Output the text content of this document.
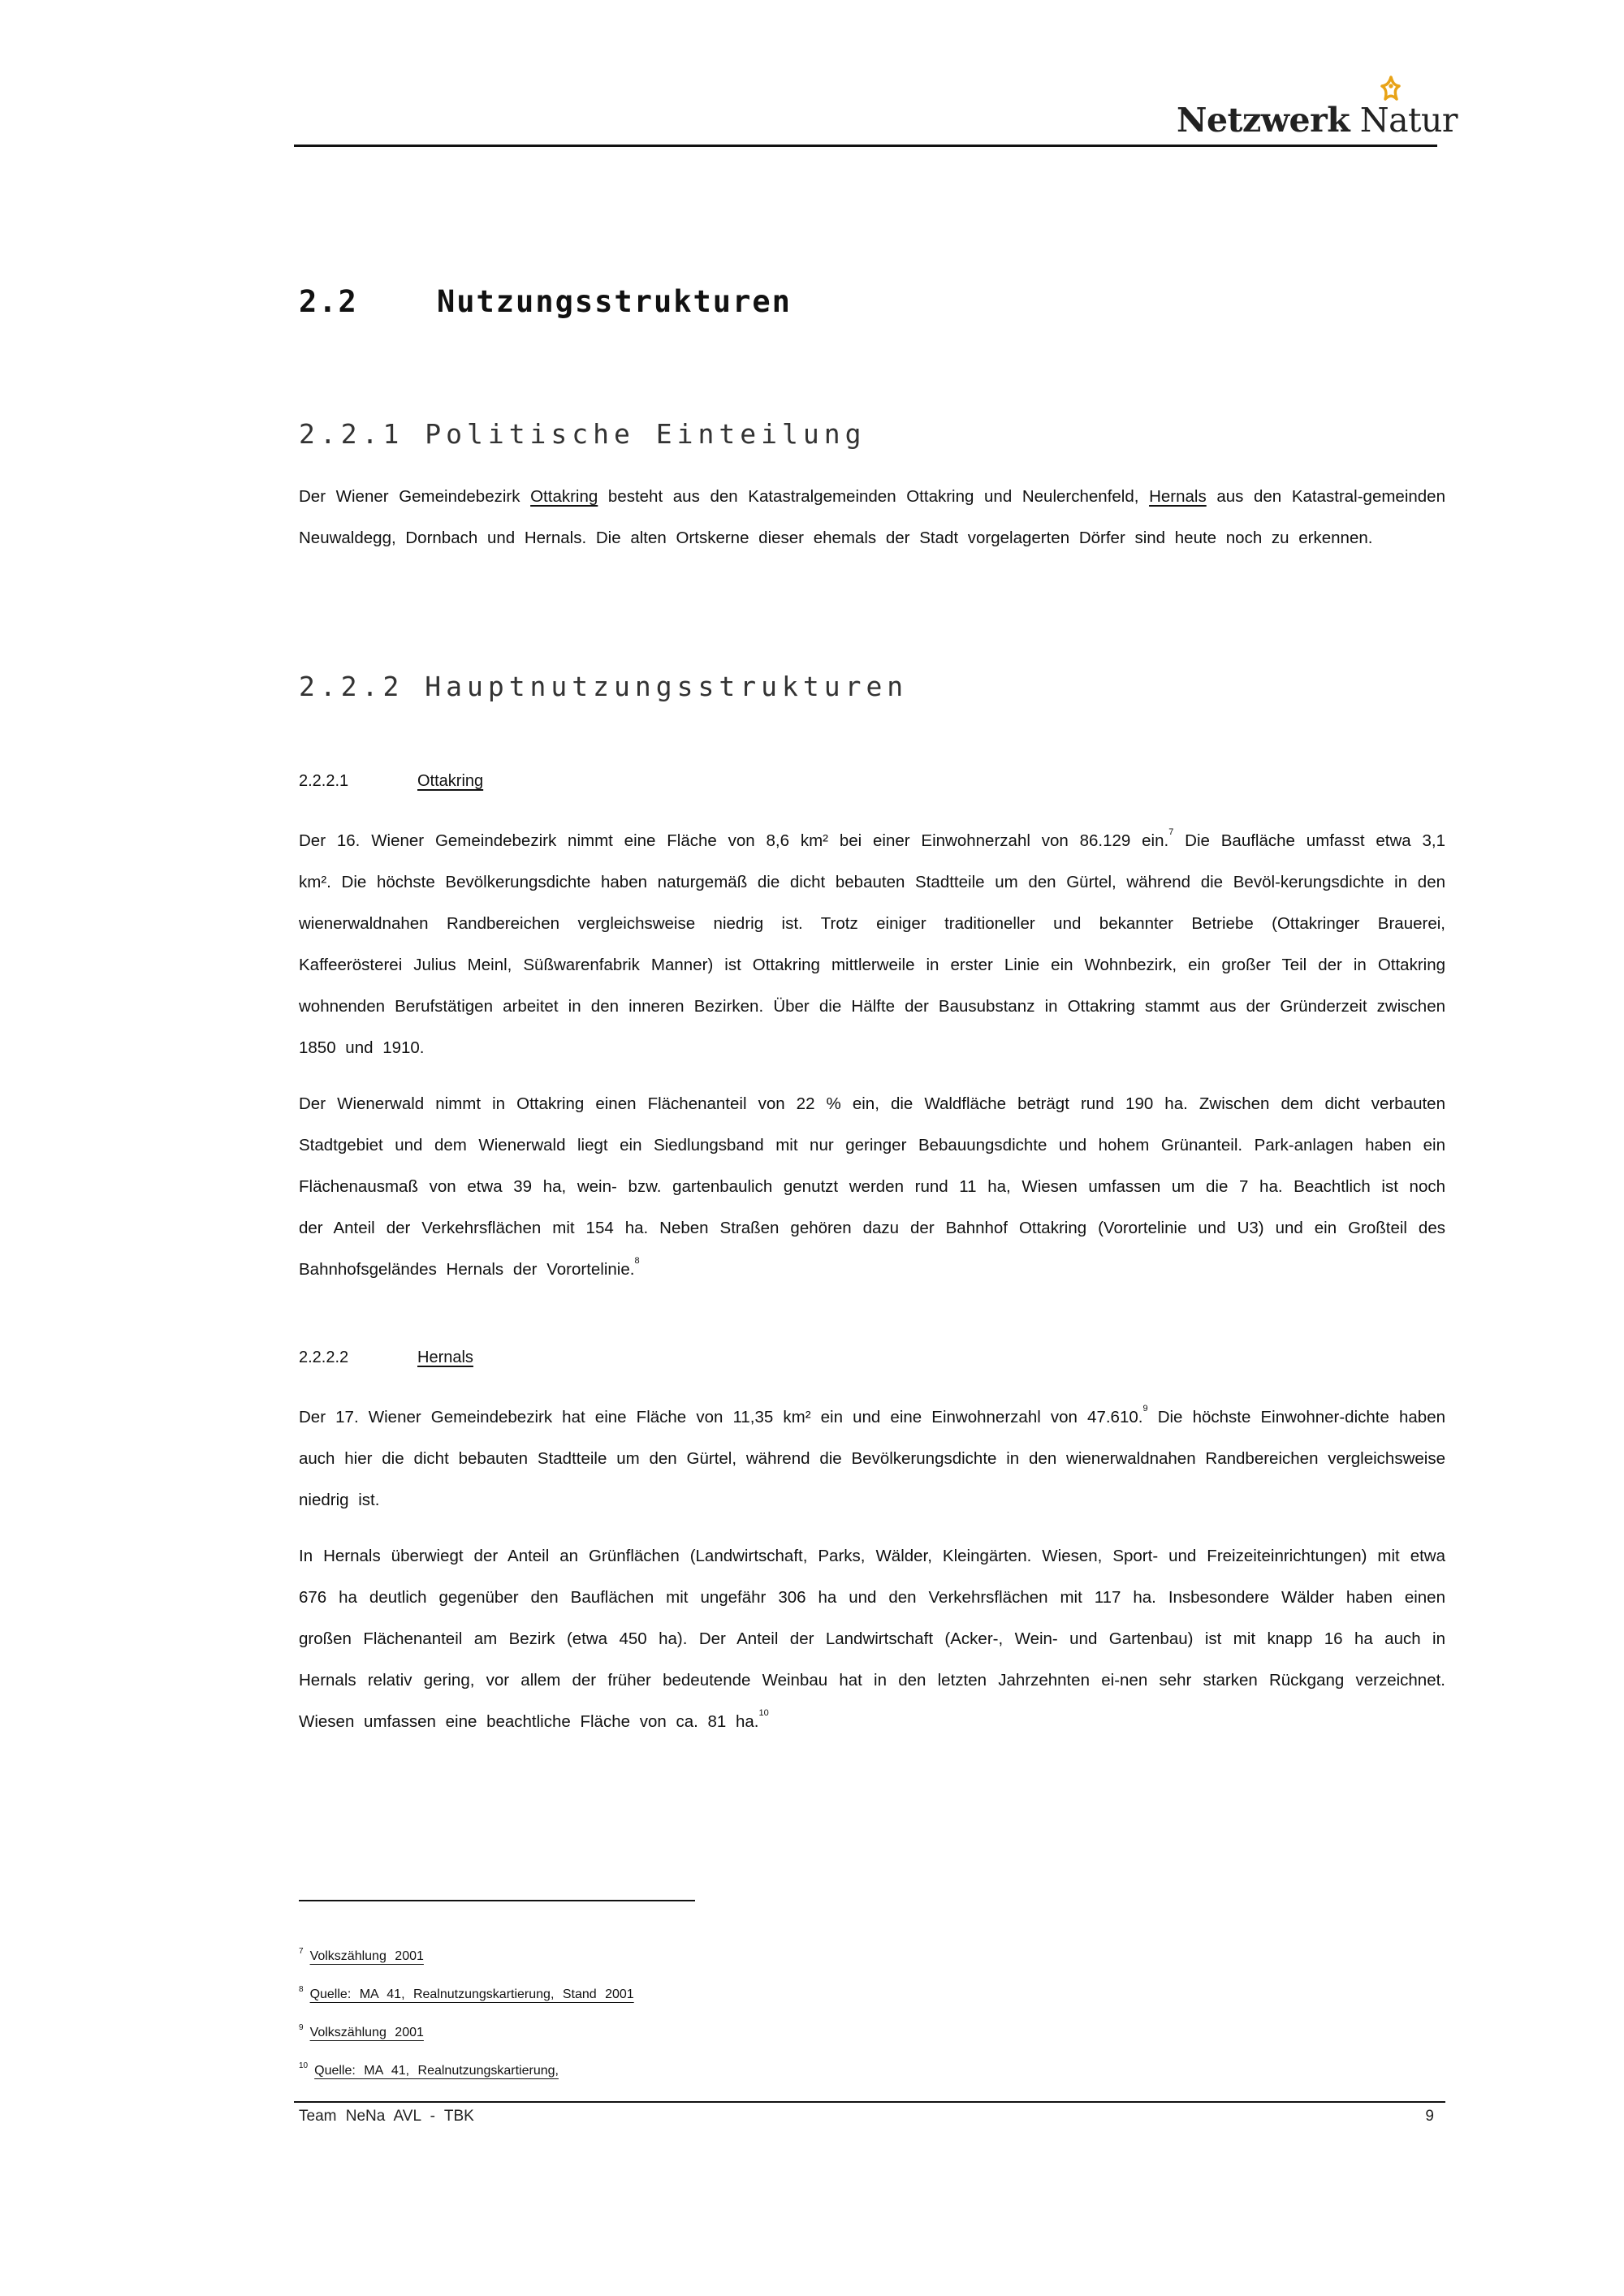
Netzwerk Natur
2.2	Nutzungsstrukturen
2.2.1 Politische Einteilung

Der Wiener Gemeindebezirk Ottakring besteht aus den Katastralgemeinden Ottakring und Neulerchenfeld, Hernals aus den Katastral-gemeinden Neuwaldegg, Dornbach und Hernals. Die alten Ortskerne dieser ehemals der Stadt vorgelagerten Dörfer sind heute noch zu erkennen.

2.2.2 Hauptnutzungsstrukturen
2.2.2.1	Ottakring

Der 16. Wiener Gemeindebezirk nimmt eine Fläche von 8,6 km² bei einer Einwohnerzahl von 86.129 ein.$^7$ Die Baufläche umfasst etwa 3,1 km². Die höchste Bevölkerungsdichte haben naturgemäß die dicht bebauten Stadtteile um den Gürtel, während die Bevöl-kerungsdichte in den wienerwaldnahen Randbereichen vergleichsweise niedrig ist. Trotz einiger traditioneller und bekannter Betriebe (Ottakringer Brauerei, Kaffeerösterei Julius Meinl, Süßwarenfabrik Manner) ist Ottakring mittlerweile in erster Linie ein Wohnbezirk, ein großer Teil der in Ottakring wohnenden Berufstätigen arbeitet in den inneren Bezirken. Über die Hälfte der Bausubstanz in Ottakring stammt aus der Gründerzeit zwischen 1850 und 1910.

Der Wienerwald nimmt in Ottakring einen Flächenanteil von 22 % ein, die Waldfläche beträgt rund 190 ha. Zwischen dem dicht verbauten Stadtgebiet und dem Wienerwald liegt ein Siedlungsband mit nur geringer Bebauungsdichte und hohem Grünanteil. Park-anlagen haben ein Flächenausmaß von etwa 39 ha, wein- bzw. gartenbaulich genutzt werden rund 11 ha, Wiesen umfassen um die 7 ha. Beachtlich ist noch der Anteil der Verkehrsflächen mit 154 ha. Neben Straßen gehören dazu der Bahnhof Ottakring (Vorortelinie und U3) und ein Großteil des Bahnhofsgeländes Hernals der Vorortelinie.$^8$

2.2.2.2	Hernals

Der 17. Wiener Gemeindebezirk hat eine Fläche von 11,35 km² ein und eine Einwohnerzahl von 47.610.$^9$ Die höchste Einwohner-dichte haben auch hier die dicht bebauten Stadtteile um den Gürtel, während die Bevölkerungsdichte in den wienerwaldnahen Randbereichen vergleichsweise niedrig ist.

In Hernals überwiegt der Anteil an Grünflächen (Landwirtschaft, Parks, Wälder, Kleingärten. Wiesen, Sport- und Freizeiteinrichtungen) mit etwa 676 ha deutlich gegenüber den Bauflächen mit ungefähr 306 ha und den Verkehrsflächen mit 117 ha. Insbesondere Wälder haben einen großen Flächenanteil am Bezirk (etwa 450 ha). Der Anteil der Landwirtschaft (Acker-, Wein- und Gartenbau) ist mit knapp 16 ha auch in Hernals relativ gering, vor allem der früher bedeutende Weinbau hat in den letzten Jahrzehnten ei-nen sehr starken Rückgang verzeichnet. Wiesen umfassen eine beachtliche Fläche von ca. 81 ha.$^{10}$

$^7$ Volkszählung 2001
$^8$ Quelle: MA 41, Realnutzungskartierung, Stand 2001
$^9$ Volkszählung 2001
$^{10}$ Quelle: MA 41, Realnutzungskartierung,
Team NeNa AVL - TBK	9
